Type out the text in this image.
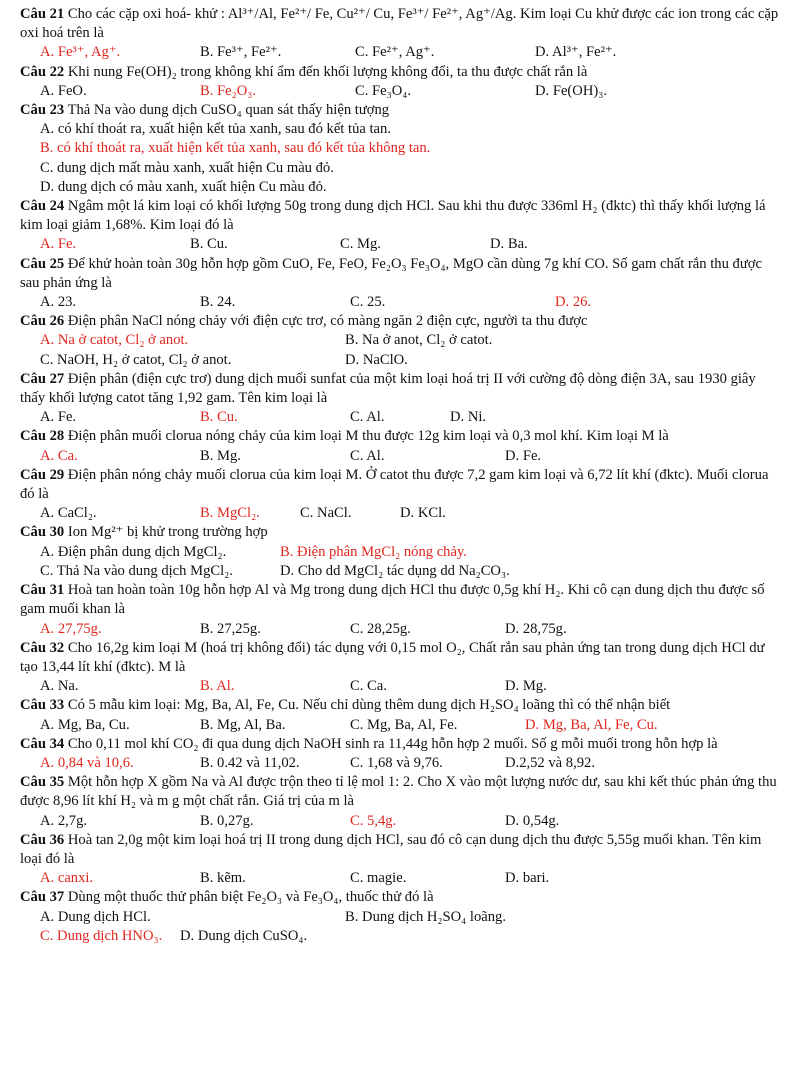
Câu 21 Cho các cặp oxi hoá- khử : Al³⁺/Al, Fe²⁺/ Fe, Cu²⁺/ Cu, Fe³⁺/ Fe²⁺, Ag⁺/Ag. Kim loại Cu khử được các ion trong các cặp oxi hoá trên là
A. Fe³⁺, Ag⁺.	B. Fe³⁺, Fe²⁺.	C. Fe²⁺, Ag⁺.	D. Al³⁺, Fe²⁺.
Câu 22 Khi nung Fe(OH)₂ trong không khí ẩm đến khối lượng không đổi, ta thu được chất rắn là
A. FeO.	B. Fe₂O₃.	C. Fe₃O₄.	D. Fe(OH)₃.
Câu 23 Thả Na vào dung dịch CuSO₄ quan sát thấy hiện tượng
A. có khí thoát ra, xuất hiện kết tủa xanh, sau đó kết tủa tan.
B. có khí thoát ra, xuất hiện kết tủa xanh, sau đó kết tủa không tan.
C. dung dịch mất màu xanh, xuất hiện Cu màu đỏ.
D. dung dịch có màu xanh, xuất hiện Cu màu đỏ.
Câu 24 Ngâm một lá kim loại có khối lượng 50g trong dung dịch HCl. Sau khi thu được 336ml H₂ (đktc) thì thấy khối lượng lá kim loại giảm 1,68%. Kim loại đó là
A. Fe.	B. Cu.	C. Mg.	D. Ba.
Câu 25 Để khử hoàn toàn 30g hỗn hợp gồm CuO, Fe, FeO, Fe₂O₃ Fe₃O₄, MgO cần dùng 7g khí CO. Số gam chất rắn thu được sau phản ứng là
A. 23.	B. 24.	C. 25.	D. 26.
Câu 26 Điện phân NaCl nóng chảy với điện cực trơ, có màng ngăn 2 điện cực, người ta thu được
A. Na ở catot, Cl₂ ở anot.	B. Na ở anot, Cl₂ ở catot.
C. NaOH, H₂ ở catot, Cl₂ ở anot.	D. NaClO.
Câu 27 Điện phân (điện cực trơ) dung dịch muối sunfat của một kim loại hoá trị II với cường độ dòng điện 3A, sau 1930 giây thấy khối lượng catot tăng 1,92 gam. Tên kim loại là
A. Fe.	B. Cu.	C. Al.	D. Ni.
Câu 28 Điện phân muối clorua nóng chảy của kim loại M thu được 12g kim loại và 0,3 mol khí. Kim loại M là
A. Ca.	B. Mg.	C. Al.	D. Fe.
Câu 29 Điện phân nóng chảy muối clorua của kim loại M. Ở catot thu được 7,2 gam kim loại và 6,72 lít khí (đktc). Muối clorua đó là
A. CaCl₂.	B. MgCl₂.	C. NaCl.	D. KCl.
Câu 30 Ion Mg²⁺ bị khử trong trường hợp
A. Điện phân dung dịch MgCl₂.	B. Điện phân MgCl₂ nóng chảy.
C. Thả Na vào dung dịch MgCl₂.	D. Cho dd MgCl₂ tác dụng dd Na₂CO₃.
Câu 31 Hoà tan hoàn toàn 10g hỗn hợp Al và Mg trong dung dịch HCl thu được 0,5g khí H₂. Khi cô cạn dung dịch thu được số gam muối khan là
A. 27,75g.	B. 27,25g.	C. 28,25g.	D. 28,75g.
Câu 32 Cho 16,2g kim loại M (hoá trị không đổi) tác dụng với 0,15 mol O₂, Chất rắn sau phản ứng tan trong dung dịch HCl dư tạo 13,44 lít khí (đktc). M là
A. Na.	B. Al.	C. Ca.	D. Mg.
Câu 33 Có 5 mẫu kim loại: Mg, Ba, Al, Fe, Cu. Nếu chỉ dùng thêm dung dịch H₂SO₄ loãng thì có thể nhận biết
A. Mg, Ba, Cu.	B. Mg, Al, Ba.	C. Mg, Ba, Al, Fe.	D. Mg, Ba, Al, Fe, Cu.
Câu 34 Cho 0,11 mol khí CO₂ đi qua dung dịch NaOH sinh ra 11,44g hỗn hợp 2 muối. Số g mỗi muối trong hỗn hợp là
A. 0,84 và 10,6.	B. 0.42 và 11,02.	C. 1,68 và 9,76.	D.2,52 và 8,92.
Câu 35 Một hỗn hợp X gồm Na và Al được trộn theo tỉ lệ mol 1: 2. Cho X vào một lượng nước dư, sau khi kết thúc phản ứng thu được 8,96 lít khí H₂ và m g một chất rắn. Giá trị của m là
A. 2,7g.	B. 0,27g.	C. 5,4g.	D. 0,54g.
Câu 36 Hoà tan 2,0g một kim loại hoá trị II trong dung dịch HCl, sau đó cô cạn dung dịch thu được 5,55g muối khan. Tên kim loại đó là
A. canxi.	B. kẽm.	C. magie.	D. bari.
Câu 37 Dùng một thuốc thử phân biệt Fe₂O₃ và Fe₃O₄, thuốc thử đó là
A. Dung dịch HCl.	B. Dung dịch H₂SO₄ loãng.
C. Dung dịch HNO₃.	D. Dung dịch CuSO₄.
